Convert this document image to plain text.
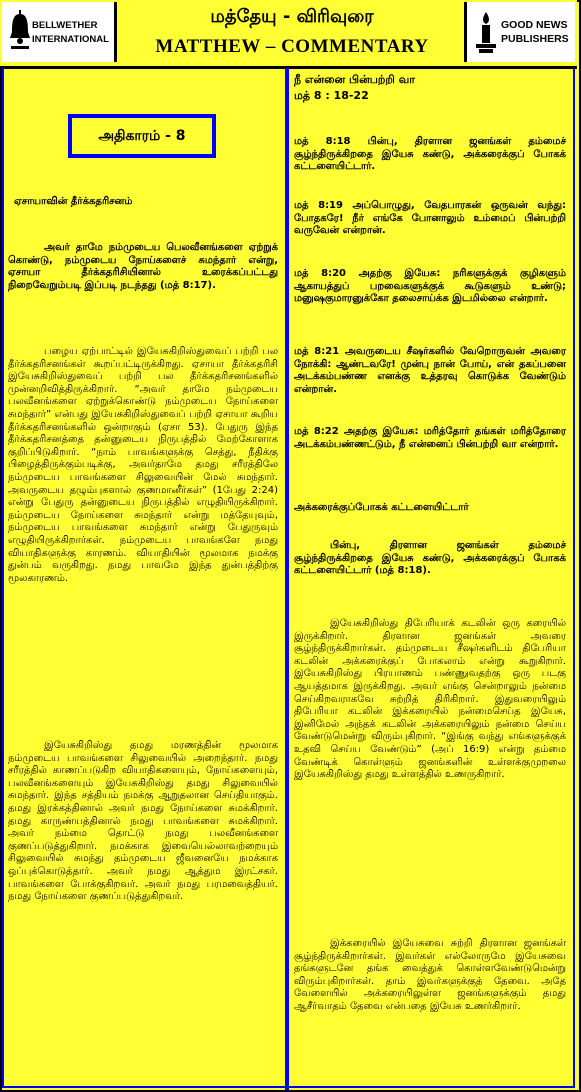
BELLWETHER
INTERNATIONAL
மத்தேயு - விரிவுரை
MATTHEW – COMMENTARY
GOOD NEWS
PUBLISHERS
அதிகாரம் - 8

ஏசாயாவின் தீர்க்கதரிசனம்

அவர் தாமே நம்முடைய பெலவீனங்களை ஏற்றுக் கொண்டு, நம்முடைய நோய்களைச் சுமந்தார் என்று, ஏசாயா தீர்க்கதரிசியினால் உரைக்கப்பட்டது நிறைவேறும்படி இப்படி நடந்தது (மத் 8:17).

பழைய ஏற்பாட்டில் இயேசுகிறிஸ்துவைப் பற்றி பல தீர்க்கதரிசனங்கள் கூறப்பட்டிருக்கிறது. ஏசாயா தீர்க்கதரிசி இயேசுகிறிஸ்துவைப் பற்றி பல தீர்க்கதரிசனங்களில் முன்னறிவித்திருக்கிறார். “அவர் தாமே நம்முடைய பலவீனங்களை ஏற்றுக்கொண்டு நம்முடைய நோய்களை சுமந்தார்” என்பது இயேசுகிறிஸ்துவைப் பற்றி ஏசாயா கூறிய தீர்க்கதரிசனங்களில் ஒன்றாகும் (ஏசா 53). பேதுரு இந்த தீர்க்கதரிசனத்தை தன்னுடைய நிருபத்தில் மேற்கோளாக குறிப்பிடுகிறார். “நாம் பாவங்களுக்கு செத்து, நீதிக்கு பிழைத்திருக்கும்படிக்கு, அவர்தாமே தமது சரீரத்திலே நம்முடைய பாவங்களை சிலுவையின் மேல் சுமந்தார். அவருடைய தழும்புகளால் குணமானீர்கள்” (1பேது 2:24) என்று பேதுரு தன்னுடைய நிருபத்தில் எழுதியிருக்கிறார். நம்முடைய நோய்களை சுமந்தார் என்று மத்தேயுவும், நம்முடைய பாவங்களை சுமந்தார் என்று பேதுருவும் எழுதியிருக்கிறார்கள். நம்முடைய பாவங்களே நமது வியாதிகளுக்கு காரணம். வியாதியின் மூலமாக நமக்கு துன்பம் வருகிறது. நமது பாவமே இந்த துன்பத்திற்கு மூலகாரணம்.

இயேசுகிறிஸ்து தமது மரணத்தின் மூலமாக நம்முடைய பாவங்களை சிலுவையில் அறைந்தார். நமது சரீரத்தில் காணப்படுகிற வியாதிகளையும், நோய்களையும், பலவீனங்களையும் இயேசுகிறிஸ்து தமது சிலுவையில் சுமந்தார். இந்த சத்தியம் நமக்கு ஆறுதலான செய்தியாகும். தமது இரக்கத்தினால் அவர் நமது நோய்களை சுமக்கிறார். தமது காருண்யத்தினால் நமது பாவங்களை சுமக்கிறார். அவர் நம்மை தொட்டு நமது பலவீனங்களை குணப்படுத்துகிறார். நமக்காக இவையெல்லாவற்றையும் சிலுவையில் சுமந்து தம்முடைய ஜீவனையே நமக்காக ஒப்புக்கொடுத்தார். அவர் நமது ஆத்தும இரட்சகர். பாவங்களை போக்குகிறவர். அவர் நமது பரமவைத்தியர். நமது நோய்களை குணப்படுத்துகிறவர்.

நீ என்னை பின்பற்றி வா

மத் 8 : 18-22

மத் 8:18 பின்பு, திரளான ஜனங்கள் தம்மைச் சூழ்ந்திருக்கிறதை இயேசு கண்டு, அக்கரைக்குப் போகக் கட்டளையிட்டார்.

மத் 8:19 அப்பொழுது, வேதபாரகன் ஒருவன் வந்து: போதகரே! நீர் எங்கே போனாலும் உம்மைப் பின்பற்றி வருவேன் என்றான்.

மத் 8:20 அதற்கு இயேசு: நரிகளுக்குக் குழிகளும் ஆகாயத்துப் பறவைகளுக்குக் கூடுகளும் உண்டு; மனுஷகுமாரனுக்கோ தலைசாய்க்க இடமில்லை என்றார்.

மத் 8:21 அவருடைய சீஷர்களில் வேறொருவன் அவரை நோக்கி: ஆண்டவரே! முன்பு நான் போய், என் தகப்பனை அடக்கம்பண்ண எனக்கு உத்தரவு கொடுக்க வேண்டும் என்றான்.

மத் 8:22 அதற்கு இயேசு: மரித்தோர் தங்கள் மரித்தோரை அடக்கம்பண்ணட்டும், நீ என்னைப் பின்பற்றி வா என்றார்.

அக்கரைக்குப்போகக் கட்டளையிட்டார்

பின்பு, திரளான ஜனங்கள் தம்மைச் சூழ்ந்திருக்கிறதை இயேசு கண்டு, அக்கரைக்குப் போகக் கட்டளையிட்டார் (மத் 8:18).

இயேசுகிறிஸ்து திபேரியாக் கடலின் ஒரு கரையில் இருக்கிறார். திரளான ஜனங்கள் அவரை சூழ்ந்திருக்கிறார்கள். தம்முடைய சீஷர்களிடம் திபேரியா கடலின் அக்கரைக்குப் போகலாம் என்று கூறுகிறார். இயேசுகிறிஸ்து பிரயாணம் பண்ணுவதற்கு ஒரு படகு ஆயத்தமாக இருக்கிறது. அவர் எங்கு சென்றாலும் நன்மை செய்கிறவராகவே சுற்றித் திரிகிறார். இதுவரையிலும் திபேரியா கடலின் இக்கரையில் நன்மைசெய்த இயேசு, இனிமேல் அந்தக் கடலின் அக்கரையிலும் நன்மை செய்ய வேண்டுமென்று விரும்புகிறார். “இங்கு வந்து எங்களுக்குக் உதவி செய்ய வேண்டும்” (அப் 16:9) என்று தம்மை வேண்டிக் கொள்ளும் ஜனங்களின் உள்ளக்குமுறலை இயேசுகிறிஸ்து தமது உள்ளத்தில் உணருகிறார்.

இக்கரையில் இயேசுவை சுற்றி திரளான ஜனங்கள் சூழ்ந்திருக்கிறார்கள். இவர்கள் எல்லோருமே இயேசுவை தங்களுடனே தங்க வைத்துக் கொள்ளவேண்டுமென்று விரும்புகிறார்கள். தாம் இவர்களுக்குத் தேவை. அதே வேளையில் அக்கரையிலுள்ள ஜனங்களுக்கும் தமது ஆசீர்வாதம் தேவை என்பதை இயேசு உணர்கிறார்.
